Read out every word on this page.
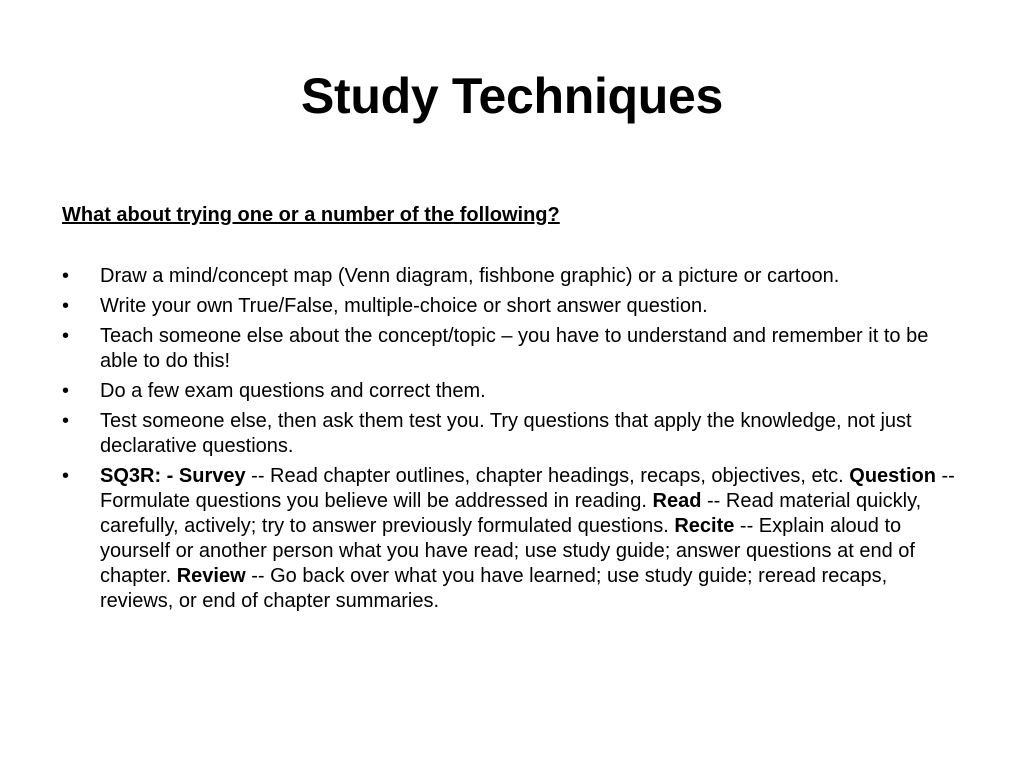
Study Techniques
What about trying one or a number of the following?
•	Draw a mind/concept map (Venn diagram, fishbone graphic) or a picture or cartoon.
•	Write your own True/False, multiple-choice or short answer question.
•	Teach someone else about the concept/topic – you have to understand and remember it to be able to do this!
•	Do a few exam questions and correct them.
•	Test someone else, then ask them test you. Try questions that apply the knowledge, not just declarative questions.
•	SQ3R: - Survey -- Read chapter outlines, chapter headings, recaps, objectives, etc. Question -- Formulate questions you believe will be addressed in reading. Read -- Read material quickly, carefully, actively; try to answer previously formulated questions. Recite -- Explain aloud to yourself or another person what you have read; use study guide; answer questions at end of chapter. Review -- Go back over what you have learned; use study guide; reread recaps, reviews, or end of chapter summaries.
